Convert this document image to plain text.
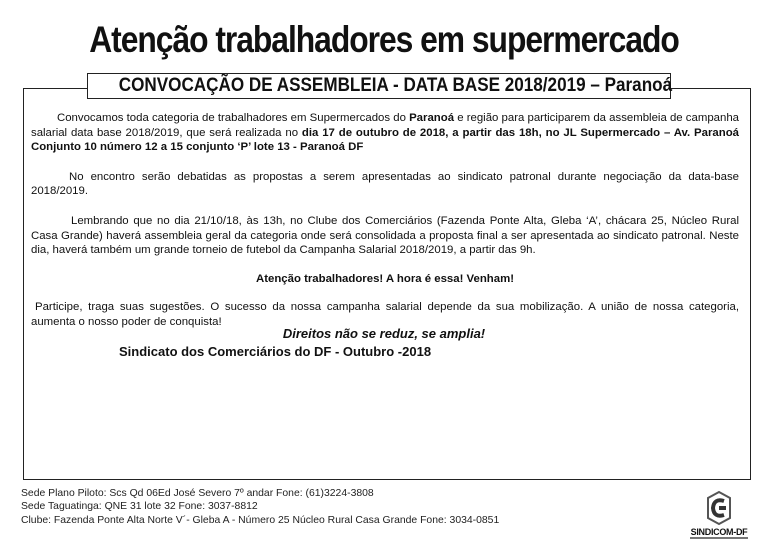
Atenção trabalhadores em supermercado
CONVOCAÇÃO DE ASSEMBLEIA - DATA BASE 2018/2019 – Paranoá

Convocamos toda categoria de trabalhadores em Supermercados do Paranoá e região para participarem da assembleia de campanha salarial data base 2018/2019, que será realizada no dia 17 de outubro de 2018, a partir das 18h, no JL Supermercado – Av. Paranoá Conjunto 10 número 12 a 15 conjunto ‘P’ lote 13 - Paranoá DF

No encontro serão debatidas as propostas a serem apresentadas ao sindicato patronal durante negociação da data-base 2018/2019.

Lembrando que no dia 21/10/18, às 13h, no Clube dos Comerciários (Fazenda Ponte Alta, Gleba ‘A’, chácara 25, Núcleo Rural Casa Grande) haverá assembleia geral da categoria onde será consolidada a proposta final a ser apresentada ao sindicato patronal. Neste dia, haverá também um grande torneio de futebol da Campanha Salarial 2018/2019, a partir das 9h.

Atenção trabalhadores! A hora é essa! Venham!

Participe, traga suas sugestões. O sucesso da nossa campanha salarial depende da sua mobilização. A união de nossa categoria, aumenta o nosso poder de conquista!

Direitos não se reduz, se amplia!
Sindicato dos Comerciários do DF - Outubro -2018
Sede Plano Piloto: Scs Qd 06Ed José Severo 7º andar Fone: (61)3224-3808
Sede Taguatinga: QNE 31 lote 32 Fone: 3037-8812
Clube: Fazenda Ponte Alta Norte V´- Gleba A - Número 25 Núcleo Rural Casa Grande Fone: 3034-0851
SINDICOM-DF
